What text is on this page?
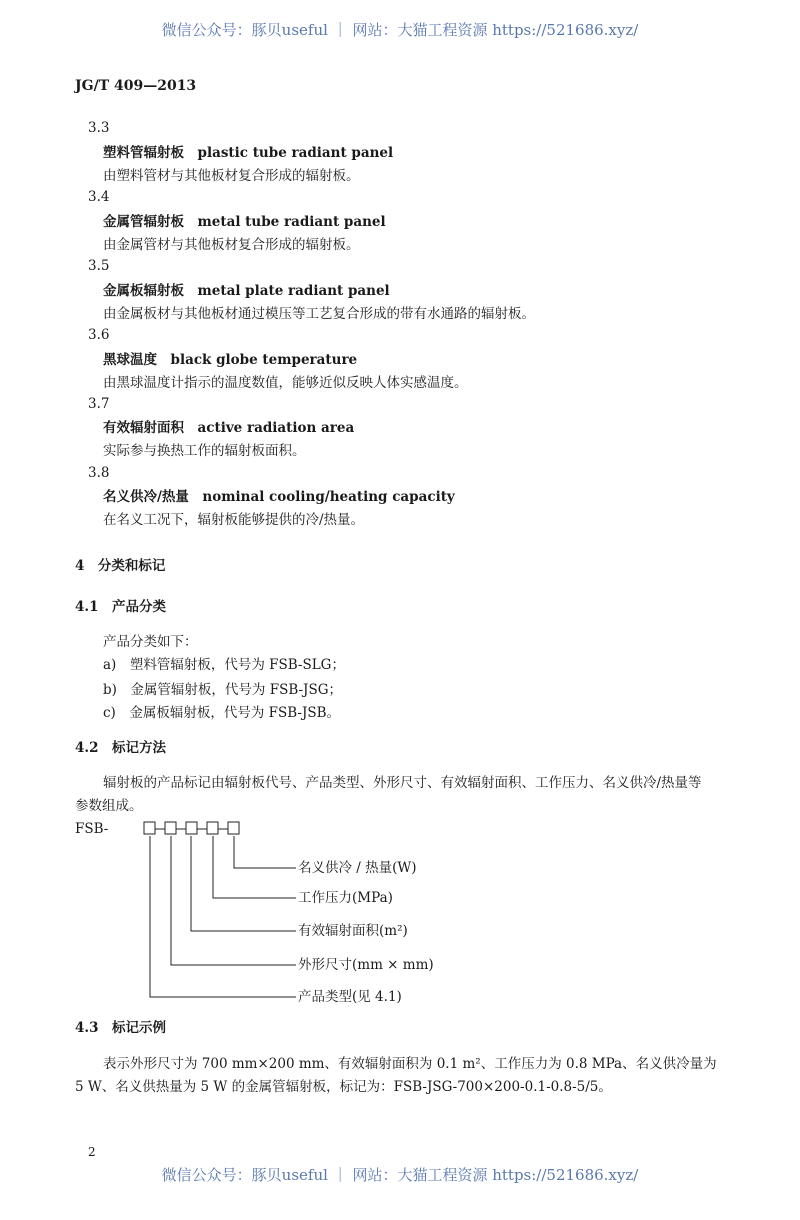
微信公众号：豚贝useful ｜ 网站：大猫工程资源 https://521686.xyz/
JG/T 409—2013
3.3
塑料管辐射板　plastic tube radiant panel
由塑料管材与其他板材复合形成的辐射板。
3.4
金属管辐射板　metal tube radiant panel
由金属管材与其他板材复合形成的辐射板。
3.5
金属板辐射板　metal plate radiant panel
由金属板材与其他板材通过模压等工艺复合形成的带有水通路的辐射板。
3.6
黑球温度　black globe temperature
由黑球温度计指示的温度数值，能够近似反映人体实感温度。
3.7
有效辐射面积　active radiation area
实际参与换热工作的辐射板面积。
3.8
名义供冷/热量　nominal cooling/heating capacity
在名义工况下，辐射板能够提供的冷/热量。
4　分类和标记
4.1　产品分类
产品分类如下：
a)　塑料管辐射板，代号为 FSB-SLG；
b)　金属管辐射板，代号为 FSB-JSG；
c)　金属板辐射板，代号为 FSB-JSB。
4.2　标记方法
辐射板的产品标记由辐射板代号、产品类型、外形尺寸、有效辐射面积、工作压力、名义供冷/热量等
参数组成。
FSB-
名义供冷 / 热量(W)
工作压力(MPa)
有效辐射面积(m²)
外形尺寸(mm × mm)
产品类型(见 4.1)
4.3　标记示例
表示外形尺寸为 700 mm×200 mm、有效辐射面积为 0.1 m²、工作压力为 0.8 MPa、名义供冷量为
5 W、名义供热量为 5 W 的金属管辐射板，标记为：FSB-JSG-700×200-0.1-0.8-5/5。
2
微信公众号：豚贝useful ｜ 网站：大猫工程资源 https://521686.xyz/
